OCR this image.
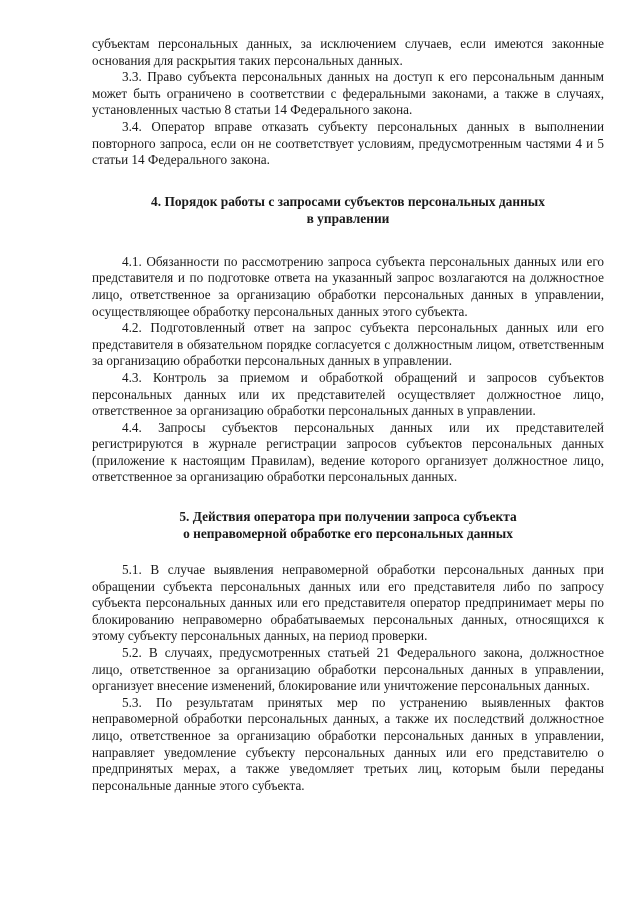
субъектам персональных данных, за исключением случаев, если имеются законные основания для раскрытия таких персональных данных.

3.3. Право субъекта персональных данных на доступ к его персональным данным может быть ограничено в соответствии с федеральными законами, а также в случаях, установленных частью 8 статьи 14 Федерального закона.

3.4. Оператор вправе отказать субъекту персональных данных в выполнении повторного запроса, если он не соответствует условиям, предусмотренным частями 4 и 5 статьи 14 Федерального закона.

4. Порядок работы с запросами субъектов персональных данных

в управлении

4.1. Обязанности по рассмотрению запроса субъекта персональных данных или его представителя и по подготовке ответа на указанный запрос возлагаются на должностное лицо, ответственное за организацию обработки персональных данных в управлении, осуществляющее обработку персональных данных этого субъекта.

4.2. Подготовленный ответ на запрос субъекта персональных данных или его представителя в обязательном порядке согласуется с должностным лицом, ответственным за организацию обработки персональных данных в управлении.

4.3. Контроль за приемом и обработкой обращений и запросов субъектов персональных данных или их представителей осуществляет должностное лицо, ответственное за организацию обработки персональных данных в управлении.

4.4. Запросы субъектов персональных данных или их представителей регистрируются в журнале регистрации запросов субъектов персональных данных (приложение к настоящим Правилам), ведение которого организует должностное лицо, ответственное за организацию обработки персональных данных.

5. Действия оператора при получении запроса субъекта

о неправомерной обработке его персональных данных

5.1. В случае выявления неправомерной обработки персональных данных при обращении субъекта персональных данных или его представителя либо по запросу субъекта персональных данных или его представителя оператор предпринимает меры по блокированию неправомерно обрабатываемых персональных данных, относящихся к этому субъекту персональных данных, на период проверки.

5.2. В случаях, предусмотренных статьей 21 Федерального закона, должностное лицо, ответственное за организацию обработки персональных данных в управлении, организует внесение изменений, блокирование или уничтожение персональных данных.

5.3. По результатам принятых мер по устранению выявленных фактов неправомерной обработки персональных данных, а также их последствий должностное лицо, ответственное за организацию обработки персональных данных в управлении, направляет уведомление субъекту персональных данных или его представителю о предпринятых мерах, а также уведомляет третьих лиц, которым были переданы персональные данные этого субъекта.
